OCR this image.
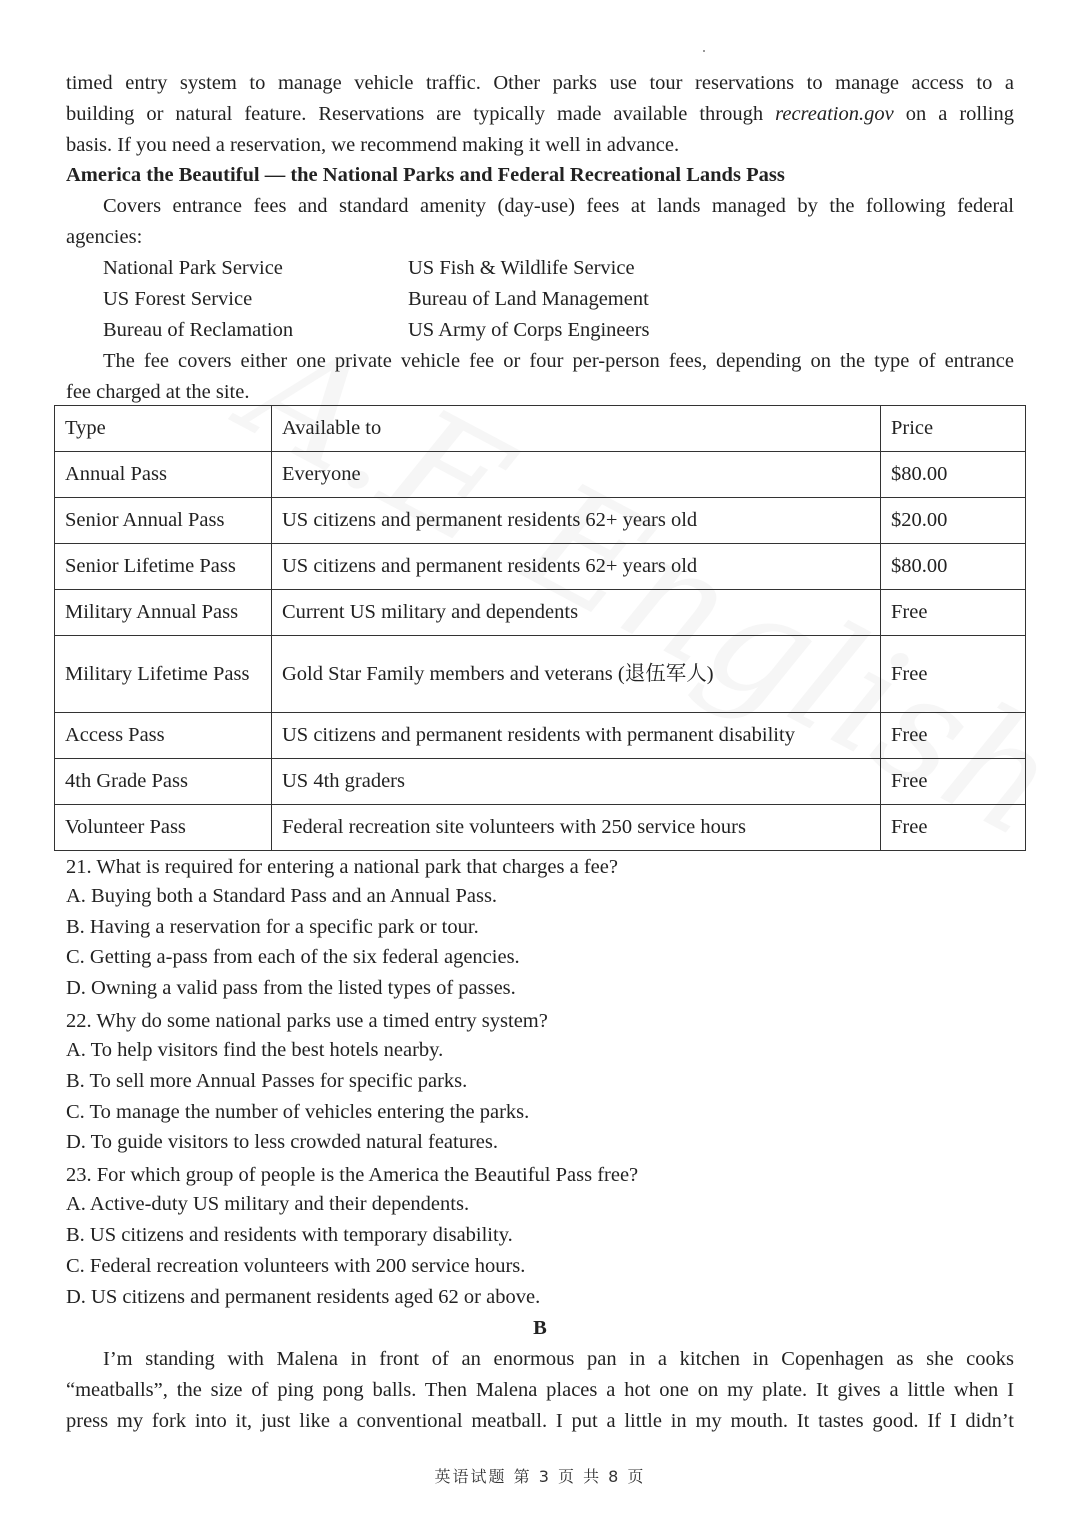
timed entry system to manage vehicle traffic. Other parks use tour reservations to manage access to a
building or natural feature. Reservations are typically made available through recreation.gov on a rolling
basis. If you need a reservation, we recommend making it well in advance.
America the Beautiful — the National Parks and Federal Recreational Lands Pass
Covers entrance fees and standard amenity (day-use) fees at lands managed by the following federal
agencies:
National Park Service	US Fish & Wildlife Service
US Forest Service	Bureau of Land Management
Bureau of Reclamation	US Army of Corps Engineers
The fee covers either one private vehicle fee or four per-person fees, depending on the type of entrance
fee charged at the site.
Type	Available to	Price
Annual Pass	Everyone	$80.00
Senior Annual Pass	US citizens and permanent residents 62+ years old	$20.00
Senior Lifetime Pass	US citizens and permanent residents 62+ years old	$80.00
Military Annual Pass	Current US military and dependents	Free
Military Lifetime Pass	Gold Star Family members and veterans (退伍军人)	Free
Access Pass	US citizens and permanent residents with permanent disability	Free
4th Grade Pass	US 4th graders	Free
Volunteer Pass	Federal recreation site volunteers with 250 service hours	Free
21. What is required for entering a national park that charges a fee?
A. Buying both a Standard Pass and an Annual Pass.
B. Having a reservation for a specific park or tour.
C. Getting a-pass from each of the six federal agencies.
D. Owning a valid pass from the listed types of passes.
22. Why do some national parks use a timed entry system?
A. To help visitors find the best hotels nearby.
B. To sell more Annual Passes for specific parks.
C. To manage the number of vehicles entering the parks.
D. To guide visitors to less crowded natural features.
23. For which group of people is the America the Beautiful Pass free?
A. Active-duty US military and their dependents.
B. US citizens and residents with temporary disability.
C. Federal recreation volunteers with 200 service hours.
D. US citizens and permanent residents aged 62 or above.
B
I’m standing with Malena in front of an enormous pan in a kitchen in Copenhagen as she cooks
“meatballs”, the size of ping pong balls. Then Malena places a hot one on my plate. It gives a little when I
press my fork into it, just like a conventional meatball. I put a little in my mouth. It tastes good. If I didn’t
英语试题 第 3 页 共 8 页
